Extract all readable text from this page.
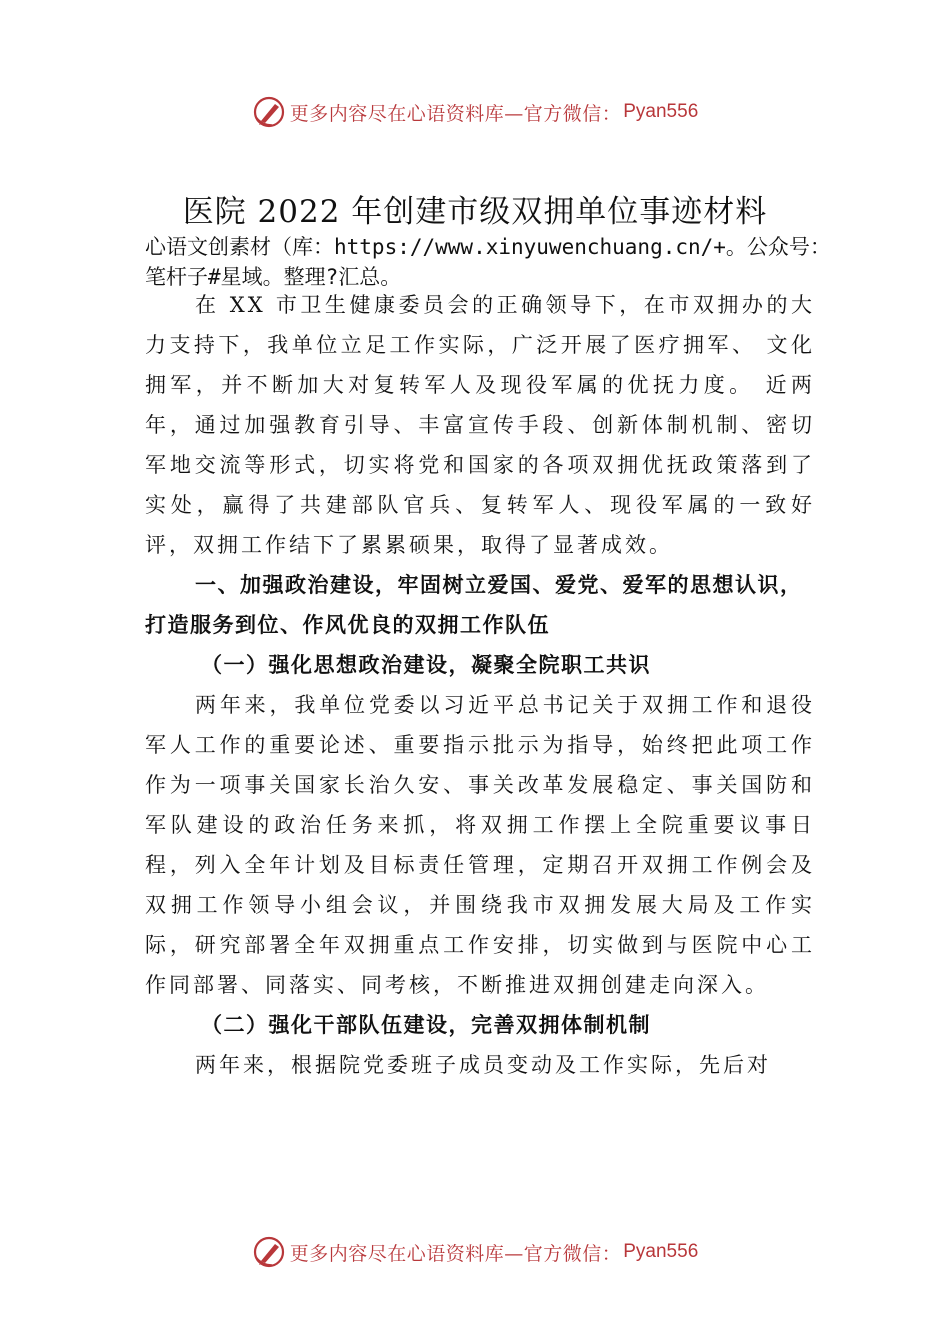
更多内容尽在心语资料库—官方微信： Pyan556
医院 2022 年创建市级双拥单位事迹材料

心语文创素材（库：https://www.xinyuwenchuang.cn/+。公众号：笔杆子#星域。整理?汇总。

在 XX 市卫生健康委员会的正确领导下，在市双拥办的大力支持下，我单位立足工作实际，广泛开展了医疗拥军、 文化拥军，并不断加大对复转军人及现役军属的优抚力度。 近两年，通过加强教育引导、丰富宣传手段、创新体制机制、密切军地交流等形式，切实将党和国家的各项双拥优抚政策落到了实处，赢得了共建部队官兵、复转军人、现役军属的一致好评，双拥工作结下了累累硕果，取得了显著成效。

一、加强政治建设，牢固树立爱国、爱党、爱军的思想认识，打造服务到位、作风优良的双拥工作队伍

（一）强化思想政治建设，凝聚全院职工共识

两年来，我单位党委以习近平总书记关于双拥工作和退役军人工作的重要论述、重要指示批示为指导，始终把此项工作作为一项事关国家长治久安、事关改革发展稳定、事关国防和军队建设的政治任务来抓，将双拥工作摆上全院重要议事日程，列入全年计划及目标责任管理，定期召开双拥工作例会及双拥工作领导小组会议，并围绕我市双拥发展大局及工作实际，研究部署全年双拥重点工作安排，切实做到与医院中心工作同部署、同落实、同考核，不断推进双拥创建走向深入。

（二）强化干部队伍建设，完善双拥体制机制

两年来，根据院党委班子成员变动及工作实际，先后对

更多内容尽在心语资料库—官方微信： Pyan556
